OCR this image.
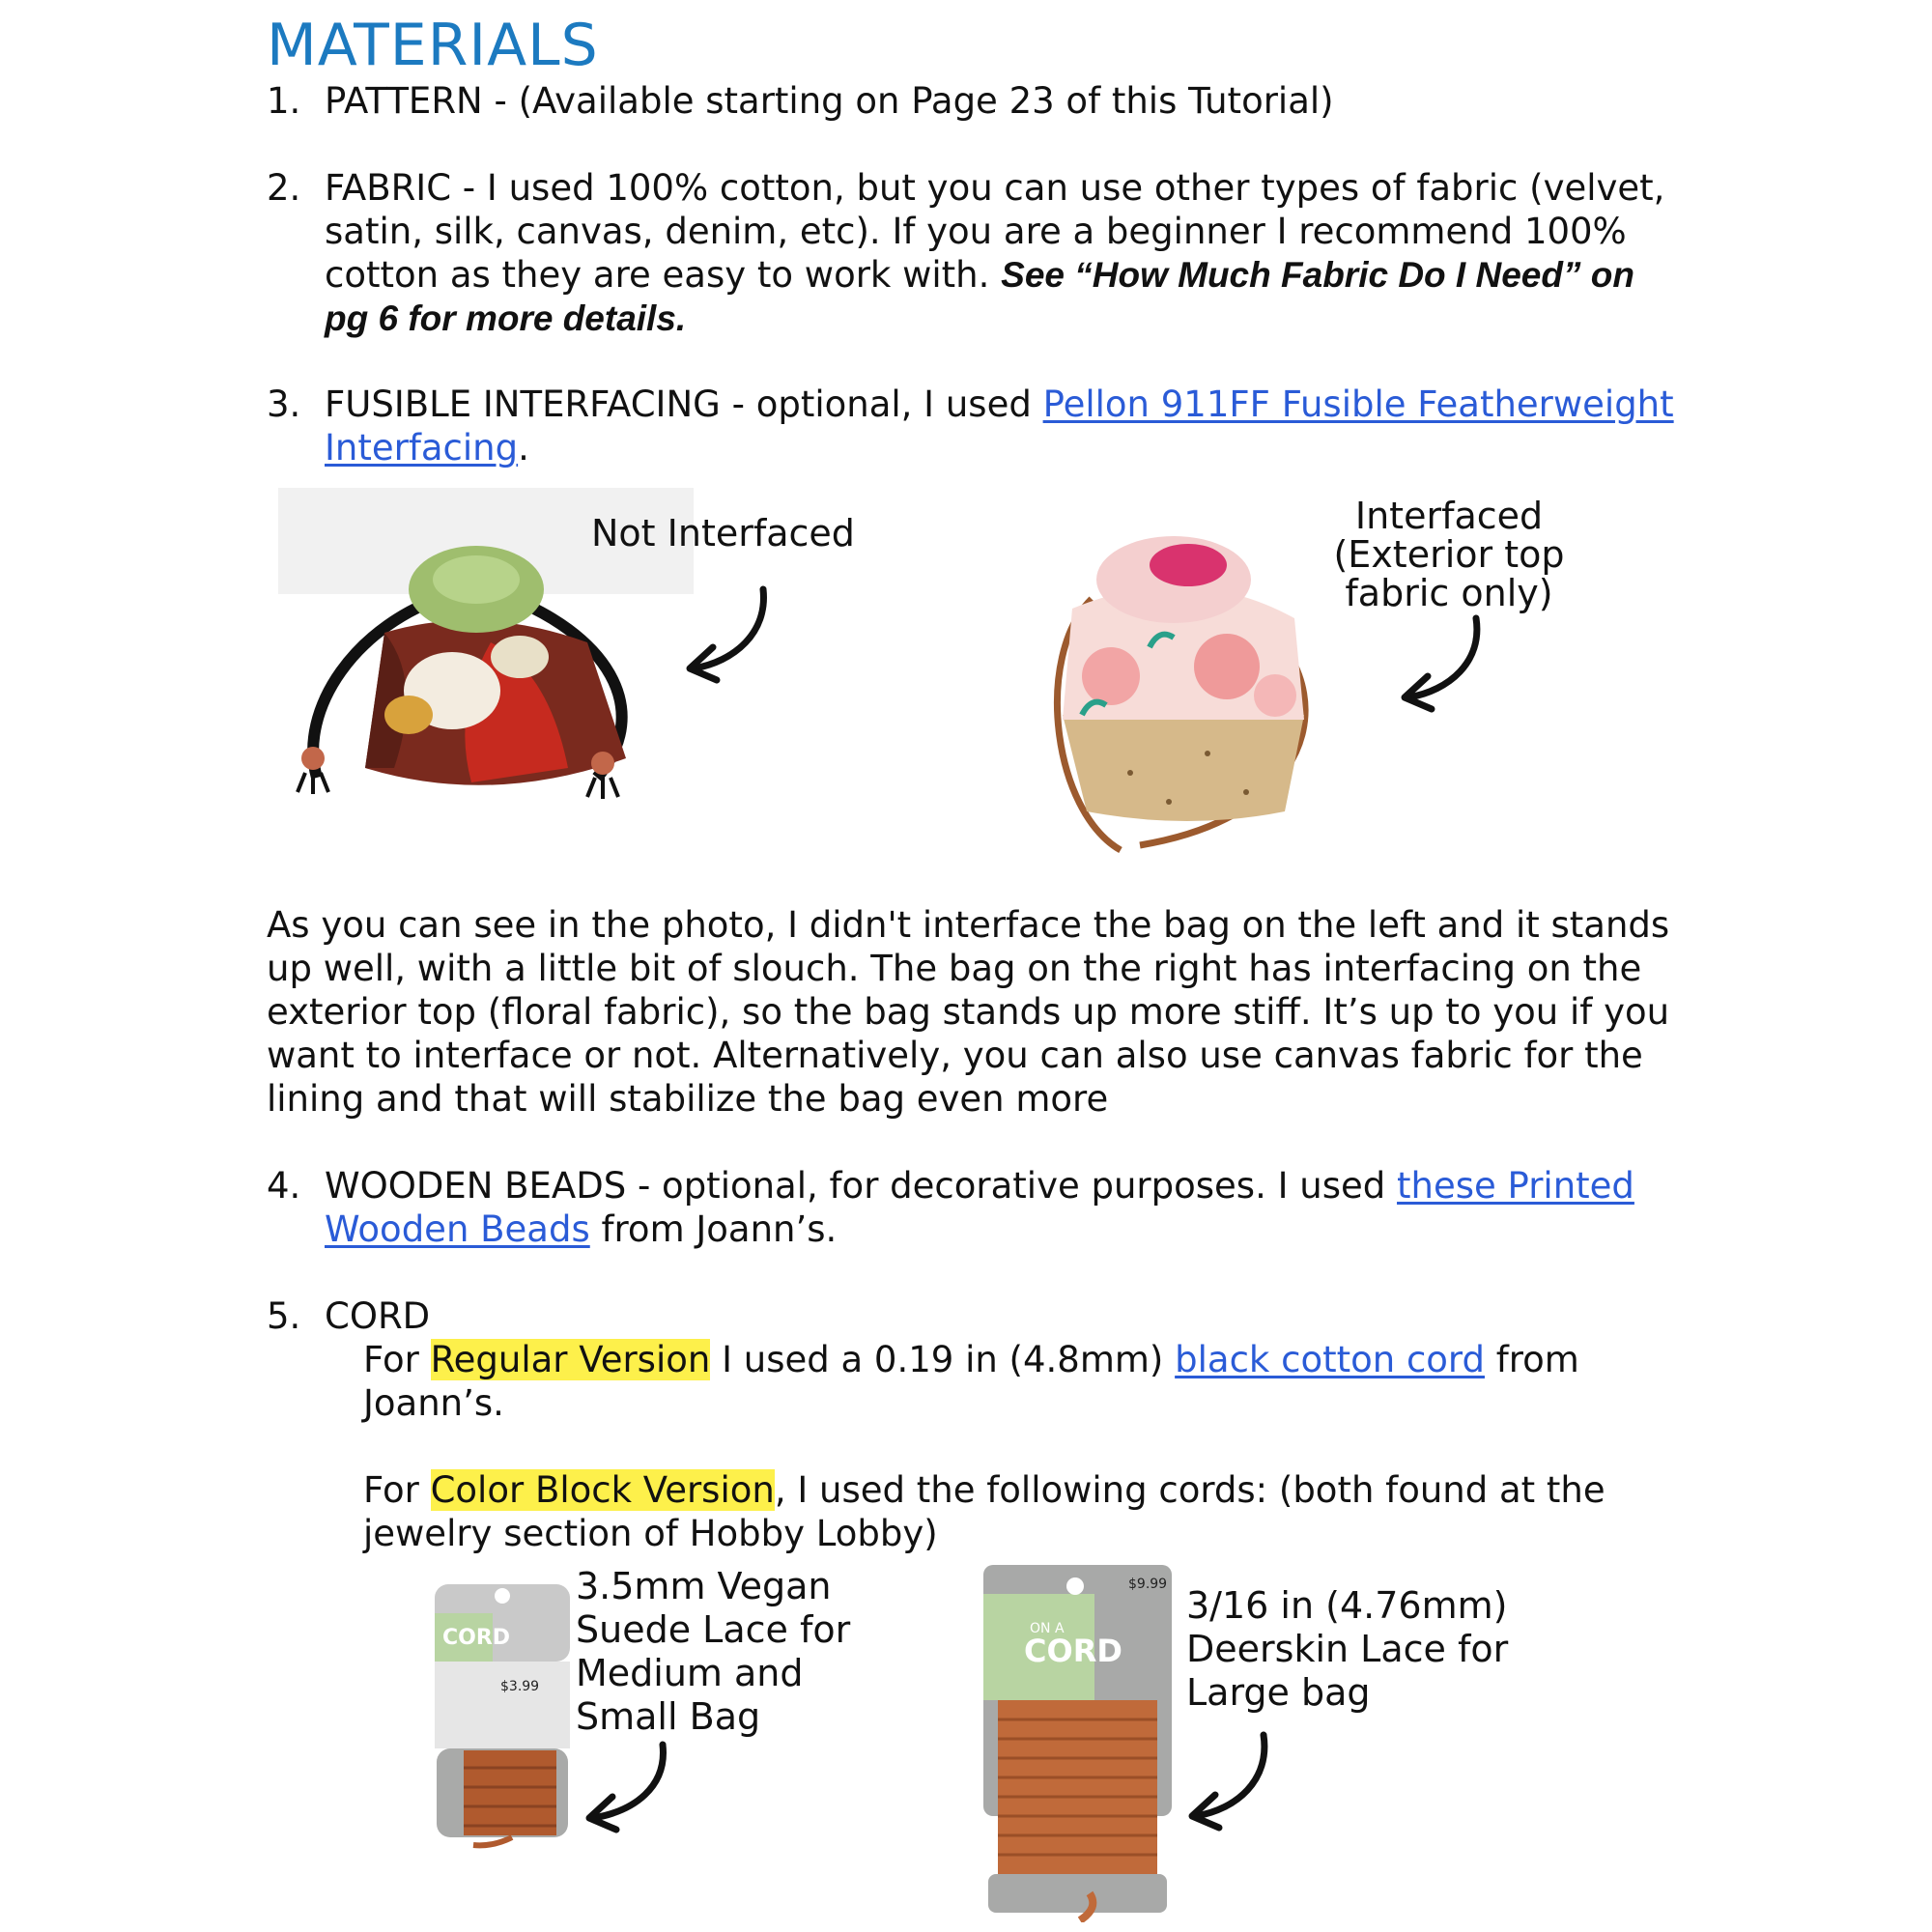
MATERIALS
1. PATTERN - (Available starting on Page 23 of this Tutorial)
2. FABRIC - I used 100% cotton, but you can use other types of fabric (velvet, satin, silk, canvas, denim, etc). If you are a beginner I recommend 100% cotton as they are easy to work with. See “How Much Fabric Do I Need” on pg 6 for more details.
3. FUSIBLE INTERFACING - optional, I used Pellon 911FF Fusible Featherweight Interfacing.
Not Interfaced	Interfaced (Exterior top fabric only)
As you can see in the photo, I didn't interface the bag on the left and it stands up well, with a little bit of slouch. The bag on the right has interfacing on the exterior top (floral fabric), so the bag stands up more stiff. It’s up to you if you want to interface or not. Alternatively, you can also use canvas fabric for the lining and that will stabilize the bag even more
4. WOODEN BEADS - optional, for decorative purposes. I used these Printed Wooden Beads from Joann’s.
5. CORD
For Regular Version I used a 0.19 in (4.8mm) black cotton cord from Joann’s.
For Color Block Version, I used the following cords: (both found at the jewelry section of Hobby Lobby)
CORD
$3.99
3.5mm Vegan Suede Lace for Medium and Small Bag
$9.99
ON A
CORD
3/16 in (4.76mm) Deerskin Lace for Large bag
